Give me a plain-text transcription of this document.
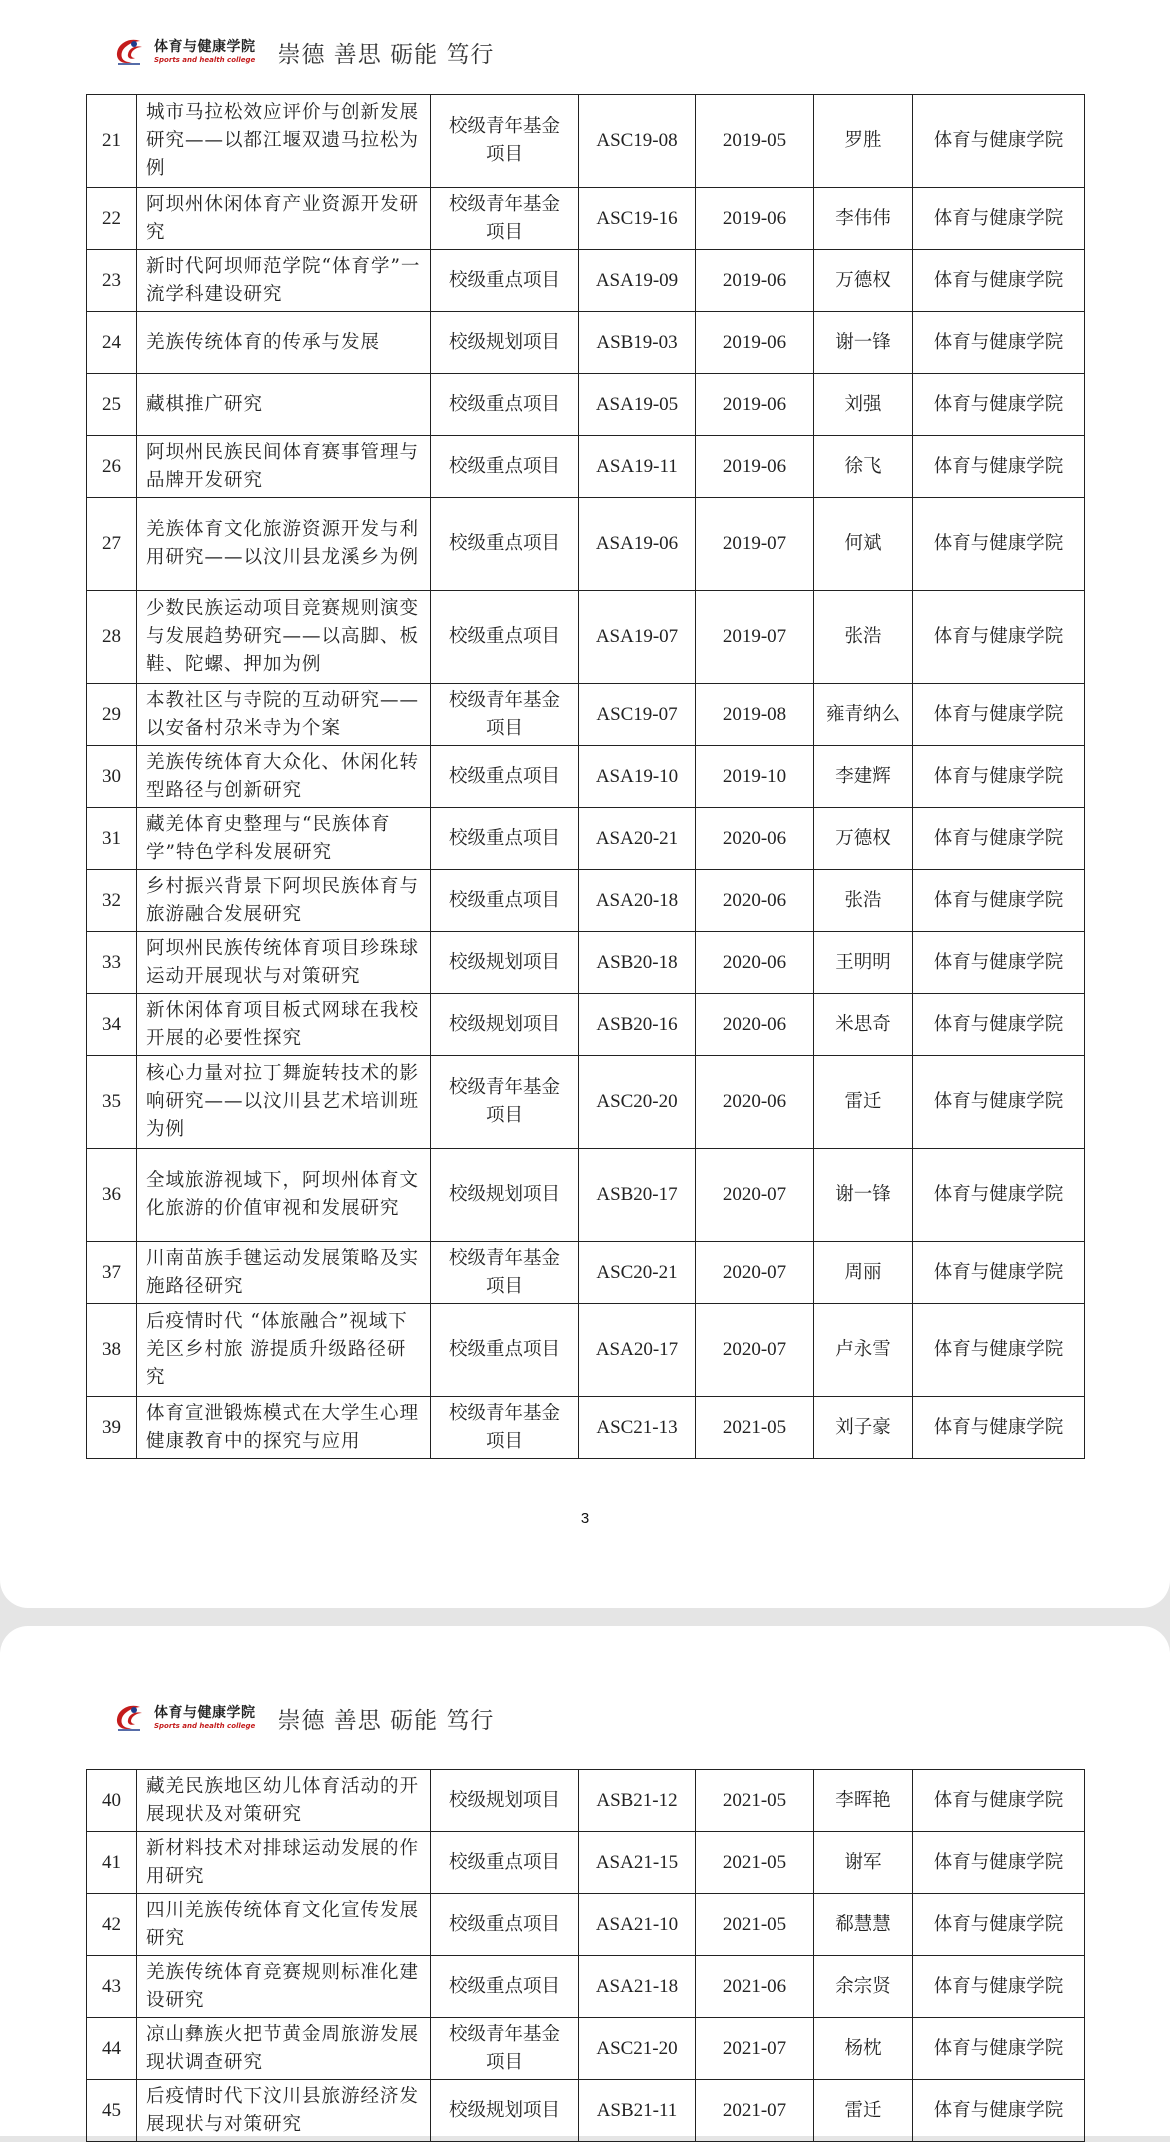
体育与健康学院
Sports and health college 崇德 善思 砺能 笃行
21	城市马拉松效应评价与创新发展研究——以都江堰双遗马拉松为例	校级青年基金项目	ASC19-08	2019-05	罗胜	体育与健康学院
22	阿坝州休闲体育产业资源开发研究	校级青年基金项目	ASC19-16	2019-06	李伟伟	体育与健康学院
23	新时代阿坝师范学院“体育学”一流学科建设研究	校级重点项目	ASA19-09	2019-06	万德权	体育与健康学院
24	羌族传统体育的传承与发展	校级规划项目	ASB19-03	2019-06	谢一锋	体育与健康学院
25	藏棋推广研究	校级重点项目	ASA19-05	2019-06	刘强	体育与健康学院
26	阿坝州民族民间体育赛事管理与品牌开发研究	校级重点项目	ASA19-11	2019-06	徐飞	体育与健康学院
27	羌族体育文化旅游资源开发与利用研究——以汶川县龙溪乡为例	校级重点项目	ASA19-06	2019-07	何斌	体育与健康学院
28	少数民族运动项目竞赛规则演变与发展趋势研究——以高脚、板鞋、陀螺、押加为例	校级重点项目	ASA19-07	2019-07	张浩	体育与健康学院
29	本教社区与寺院的互动研究——以安备村尕米寺为个案	校级青年基金项目	ASC19-07	2019-08	雍青纳么	体育与健康学院
30	羌族传统体育大众化、休闲化转型路径与创新研究	校级重点项目	ASA19-10	2019-10	李建辉	体育与健康学院
31	藏羌体育史整理与“民族体育学”特色学科发展研究	校级重点项目	ASA20-21	2020-06	万德权	体育与健康学院
32	乡村振兴背景下阿坝民族体育与旅游融合发展研究	校级重点项目	ASA20-18	2020-06	张浩	体育与健康学院
33	阿坝州民族传统体育项目珍珠球运动开展现状与对策研究	校级规划项目	ASB20-18	2020-06	王明明	体育与健康学院
34	新休闲体育项目板式网球在我校开展的必要性探究	校级规划项目	ASB20-16	2020-06	米思奇	体育与健康学院
35	核心力量对拉丁舞旋转技术的影响研究——以汶川县艺术培训班为例	校级青年基金项目	ASC20-20	2020-06	雷迁	体育与健康学院
36	全域旅游视域下，阿坝州体育文化旅游的价值审视和发展研究	校级规划项目	ASB20-17	2020-07	谢一锋	体育与健康学院
37	川南苗族手毽运动发展策略及实施路径研究	校级青年基金项目	ASC20-21	2020-07	周丽	体育与健康学院
38	后疫情时代 “体旅融合”视域下羌区乡村旅 游提质升级路径研究	校级重点项目	ASA20-17	2020-07	卢永雪	体育与健康学院
39	体育宣泄锻炼模式在大学生心理健康教育中的探究与应用	校级青年基金项目	ASC21-13	2021-05	刘子豪	体育与健康学院
3
体育与健康学院
Sports and health college 崇德 善思 砺能 笃行
40	藏羌民族地区幼儿体育活动的开展现状及对策研究	校级规划项目	ASB21-12	2021-05	李晖艳	体育与健康学院
41	新材料技术对排球运动发展的作用研究	校级重点项目	ASA21-15	2021-05	谢军	体育与健康学院
42	四川羌族传统体育文化宣传发展研究	校级重点项目	ASA21-10	2021-05	郗慧慧	体育与健康学院
43	羌族传统体育竞赛规则标准化建设研究	校级重点项目	ASA21-18	2021-06	余宗贤	体育与健康学院
44	凉山彝族火把节黄金周旅游发展现状调查研究	校级青年基金项目	ASC21-20	2021-07	杨枕	体育与健康学院
45	后疫情时代下汶川县旅游经济发展现状与对策研究	校级规划项目	ASB21-11	2021-07	雷迁	体育与健康学院
